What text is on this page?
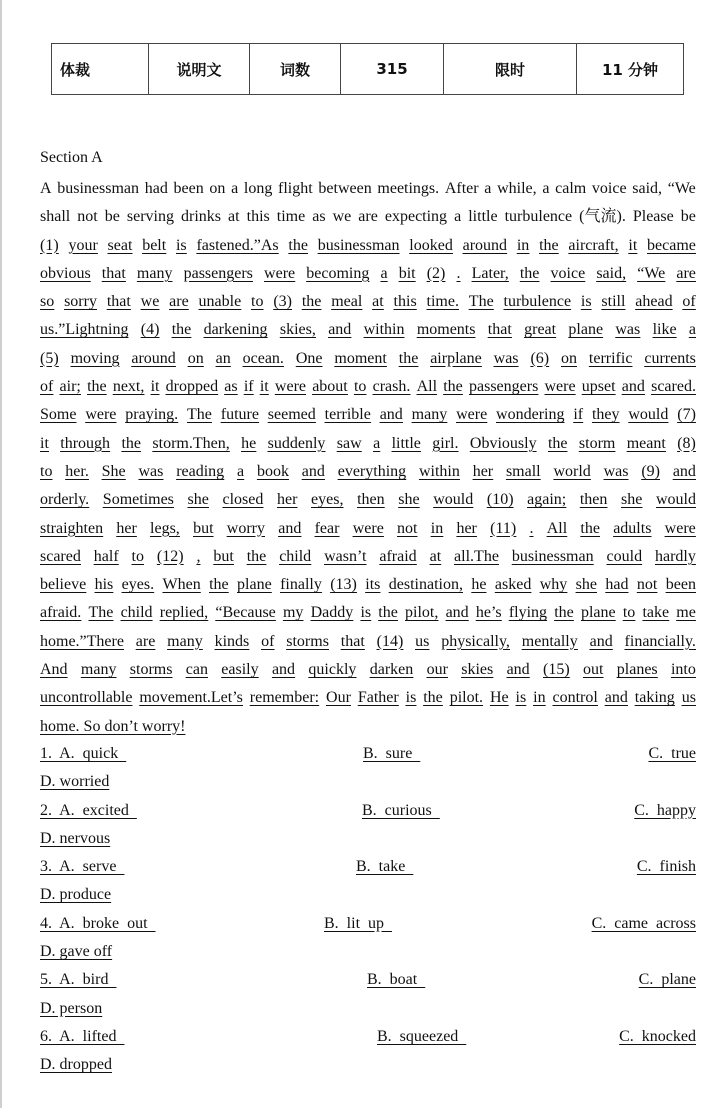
体裁	说明文	词数	315	限时	11 分钟
Section A
A businessman had been on a long flight between meetings. After a while, a calm voice said, “We
shall not be serving drinks at this time as we are expecting a little turbulence (气流). Please be
(1) your seat belt is fastened.”As the businessman looked around in the aircraft, it became
obvious that many passengers were becoming a bit (2) . Later, the voice said, “We are
so sorry that we are unable to (3) the meal at this time. The turbulence is still ahead of
us.”Lightning (4) the darkening skies, and within moments that great plane was like a
(5) moving around on an ocean. One moment the airplane was (6) on terrific currents
of air; the next, it dropped as if it were about to crash. All the passengers were upset and scared.
Some were praying. The future seemed terrible and many were wondering if they would (7)
it through the storm.Then, he suddenly saw a little girl. Obviously the storm meant (8)
to her. She was reading a book and everything within her small world was (9) and
orderly. Sometimes she closed her eyes, then she would (10) again; then she would
straighten her legs, but worry and fear were not in her (11) . All the adults were
scared half to (12) , but the child wasn’t afraid at all.The businessman could hardly
believe his eyes. When the plane finally (13) its destination, he asked why she had not been
afraid. The child replied, “Because my Daddy is the pilot, and he’s flying the plane to take me
home.”There are many kinds of storms that (14) us physically, mentally and financially.
And many storms can easily and quickly darken our skies and (15) out planes into
uncontrollable movement.Let’s remember: Our Father is the pilot. He is in control and taking us
home. So don’t worry!
1.  A.  quick	B.  sure	C.  true
D. worried
2.  A.  excited	B.  curious	C.  happy
D. nervous
3.  A.  serve	B.  take	C.  finish
D. produce
4.  A.  broke  out	B.  lit  up	C.  came  across
D. gave off
5.  A.  bird	B.  boat	C.  plane
D. person
6.  A.  lifted	B.  squeezed	C.  knocked
D. dropped
